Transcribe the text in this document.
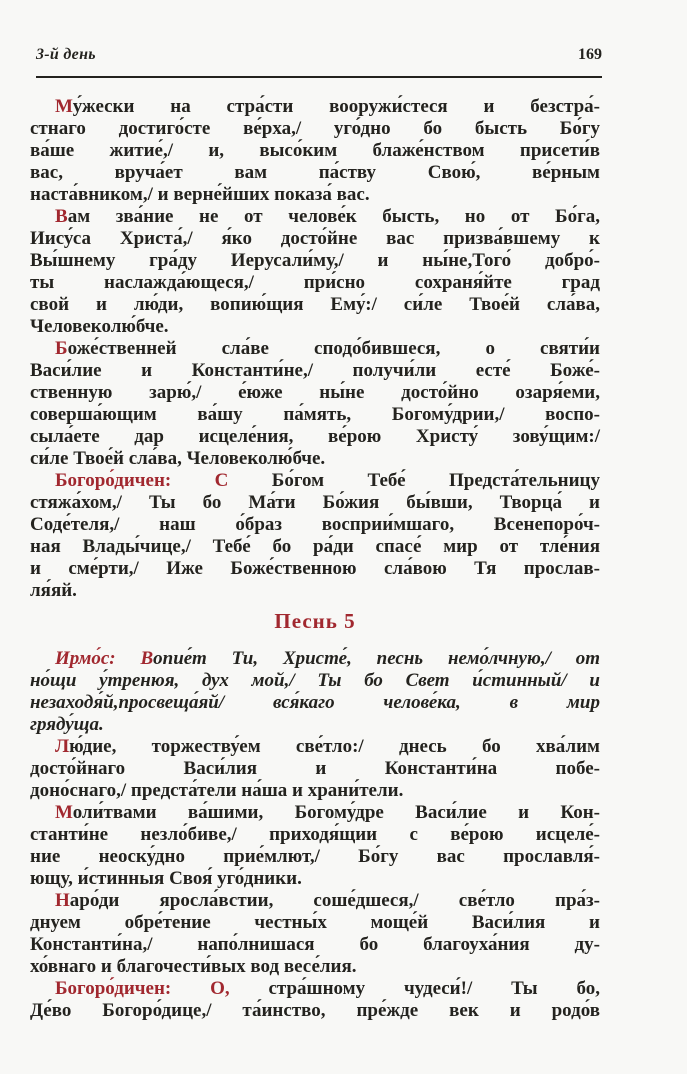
3-й день	169
Му́жески на стра́сти вооружи́стеся и безстра́-
стнаго достиго́сте ве́рха,/ уго́дно бо бысть Бо́гу
ва́ше житие́,/ и, высо́ким блаже́нством присети́в
вас, вруча́ет вам па́ству Свою́, ве́рным
наста́вником,/ и верне́йших показа́ вас.
Вам зва́ние не от челове́к бысть, но от Бо́га,
Иису́са Христа́,/ я́ко досто́йне вас призва́вшему к
Вы́шнему гра́ду Иерусали́му,/ и ны́не,Того́ добро́-
ты наслажда́ющеся,/ при́сно сохраня́йте град
свой и лю́ди, вопию́щия Ему́:/ си́ле Твое́й сла́ва,
Человеколю́бче.
Боже́ственней сла́ве сподо́бившеся, о святи́и
Васи́лие и Константи́не,/ получи́ли есте́ Боже́-
ственную зарю́,/ е́юже ны́не досто́йно озаря́еми,
соверша́ющим ва́шу па́мять, Богому́дрии,/ воспо-
сыла́ете дар исцеле́ния, ве́рою Христу́ зову́щим:/
си́ле Твое́й сла́ва, Человеколю́бче.
Богоро́дичен: С Бо́гом Тебе́ Предста́тельницу
стяжа́хом,/ Ты бо Ма́ти Бо́жия бы́вши, Творца́ и
Соде́теля,/ наш о́браз восприи́мшаго, Всенепоро́ч-
ная Влады́чице,/ Тебе́ бо ра́ди спасе́ мир от тле́ния
и сме́рти,/ Иже Боже́ственною сла́вою Тя прослав-
ля́яй.
Песнь 5
Ирмо́с: Вопие́т Ти, Христе́, песнь немо́лчную,/ от
но́щи у́тренюя, дух мой,/ Ты бо Свет и́стинный/ и
незаходя́й,просвеща́яй/ вся́каго челове́ка, в мир
гряду́ща.
Лю́дие, торжеству́ем све́тло:/ днесь бо хва́лим
досто́йнаго Васи́лия и Константи́на побе-
доно́снаго,/ предста́тели на́ша и храни́тели.
Моли́твами ва́шими, Богому́дре Васи́лие и Кон-
станти́не незло́биве,/ приходя́щии с ве́рою исцеле́-
ние неоску́дно прие́млют,/ Бо́гу вас прославля́-
ющу, и́стинныя Своя́ уго́дники.
Наро́ди яросла́встии, соше́дшеся,/ све́тло пра́з-
днуем обре́тение честны́х моще́й Васи́лия и
Константи́на,/ напо́лнишася бо благоуха́ния ду-
хо́внаго и благочести́вых вод весе́лия.
Богоро́дичен: О, стра́шному чудеси́!/ Ты бо,
Де́во Богоро́дице,/ та́инство, пре́жде век и родо́в
